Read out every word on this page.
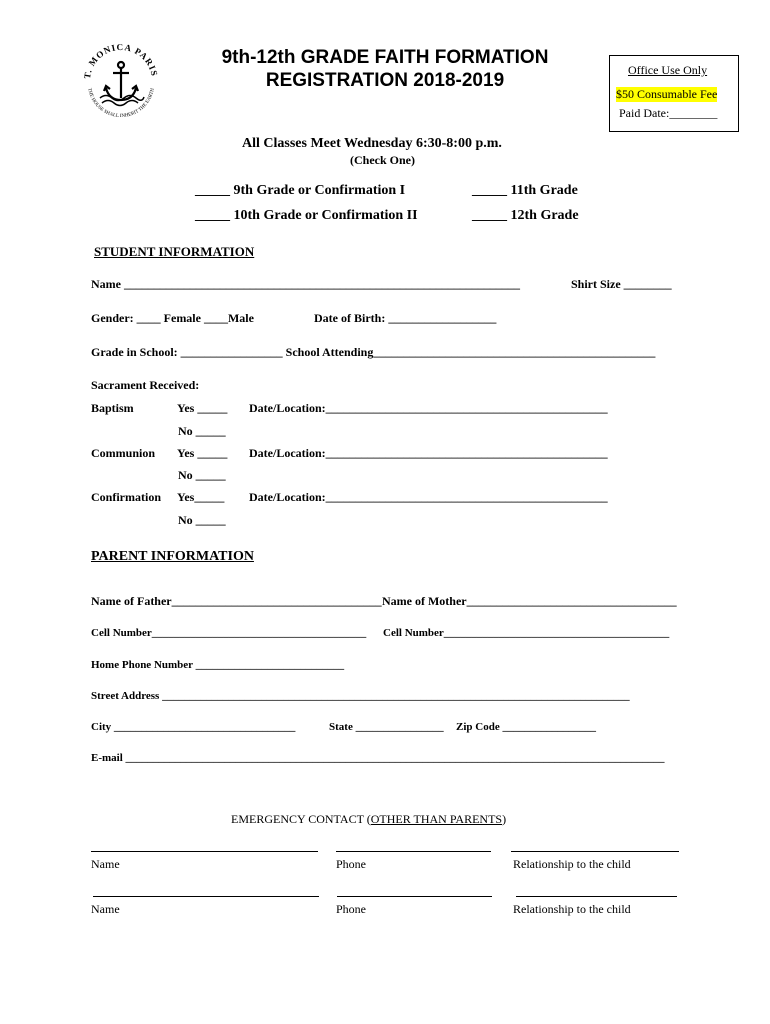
T. MONICA PARIS
THE HOUSE SHALL INHERIT THE EARTH
9th-12th GRADE FAITH FORMATION
REGISTRATION 2018-2019	Office Use Only
$50 Consumable Fee
Paid Date:________
All Classes Meet Wednesday 6:30-8:00 p.m.
(Check One)
_____ 9th Grade or Confirmation I	_____ 11th Grade
_____ 10th Grade or Confirmation II	_____ 12th Grade
STUDENT INFORMATION
Name __________________________________________________________________	Shirt Size ________
Gender: ____ Female ____Male	Date of Birth: __________________
Grade in School: _________________ School Attending_______________________________________________
Sacrament Received:
Baptism	Yes _____ Date/Location:_______________________________________________
No _____
Communion Yes _____ Date/Location:_______________________________________________
No _____
Confirmation Yes_____ Date/Location:_______________________________________________
No _____
PARENT INFORMATION
Name of Father___________________________________ Name of Mother___________________________________
Cell Number_______________________________________ Cell Number_________________________________________
Home Phone Number ___________________________
Street Address _____________________________________________________________________________________
City _________________________________	State ________________ Zip Code _________________
E-mail __________________________________________________________________________________________________
EMERGENCY CONTACT (OTHER THAN PARENTS)
Name	Phone	Relationship to the child
Name	Phone	Relationship to the child
